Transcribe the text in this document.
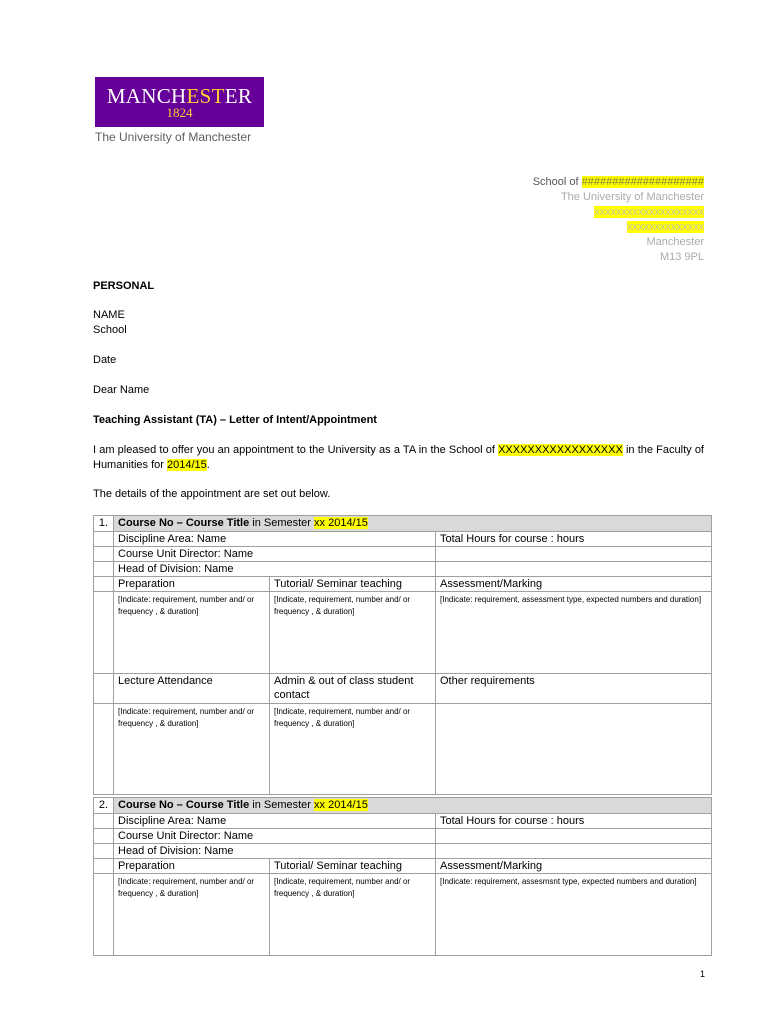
MANCHESTER
1824
The University of Manchester
School of ####################
The University of Manchester
xxxxxxxxxxxxxxxxxxxx
xxxxxxxxxxxxxx
Manchester
M13 9PL
PERSONAL
NAME
School
Date
Dear Name
Teaching Assistant (TA) – Letter of Intent/Appointment
I am pleased to offer you an appointment to the University as a TA in the School of XXXXXXXXXXXXXXXXX in the Faculty of Humanities for 2014/15.
The details of the appointment are set out below.
1.	Course No – Course Title in Semester xx 2014/15		
	Discipline Area: Name		Total Hours for course : hours
	Course Unit Director: Name		
	Head of Division: Name		
	Preparation	Tutorial/ Seminar teaching	Assessment/Marking
	[Indicate: requirement, number and/ or frequency , & duration]	[Indicate, requirement, number and/ or frequency , & duration]	[Indicate: requirement, assessment type, expected numbers and duration]
	Lecture Attendance	Admin & out of class student contact	Other requirements
	[Indicate: requirement, number and/ or frequency , & duration]	[Indicate, requirement, number and/ or frequency , & duration]	
2.	Course No – Course Title in Semester xx 2014/15		
	Discipline Area: Name		Total Hours for course : hours
	Course Unit Director: Name		
	Head of Division: Name		
	Preparation	Tutorial/ Seminar teaching	Assessment/Marking
	[Indicate: requirement, number and/ or frequency , & duration]	[Indicate, requirement, number and/ or frequency , & duration]	[Indicate: requirement, assesmsnt type, expected numbers and duration]
1
